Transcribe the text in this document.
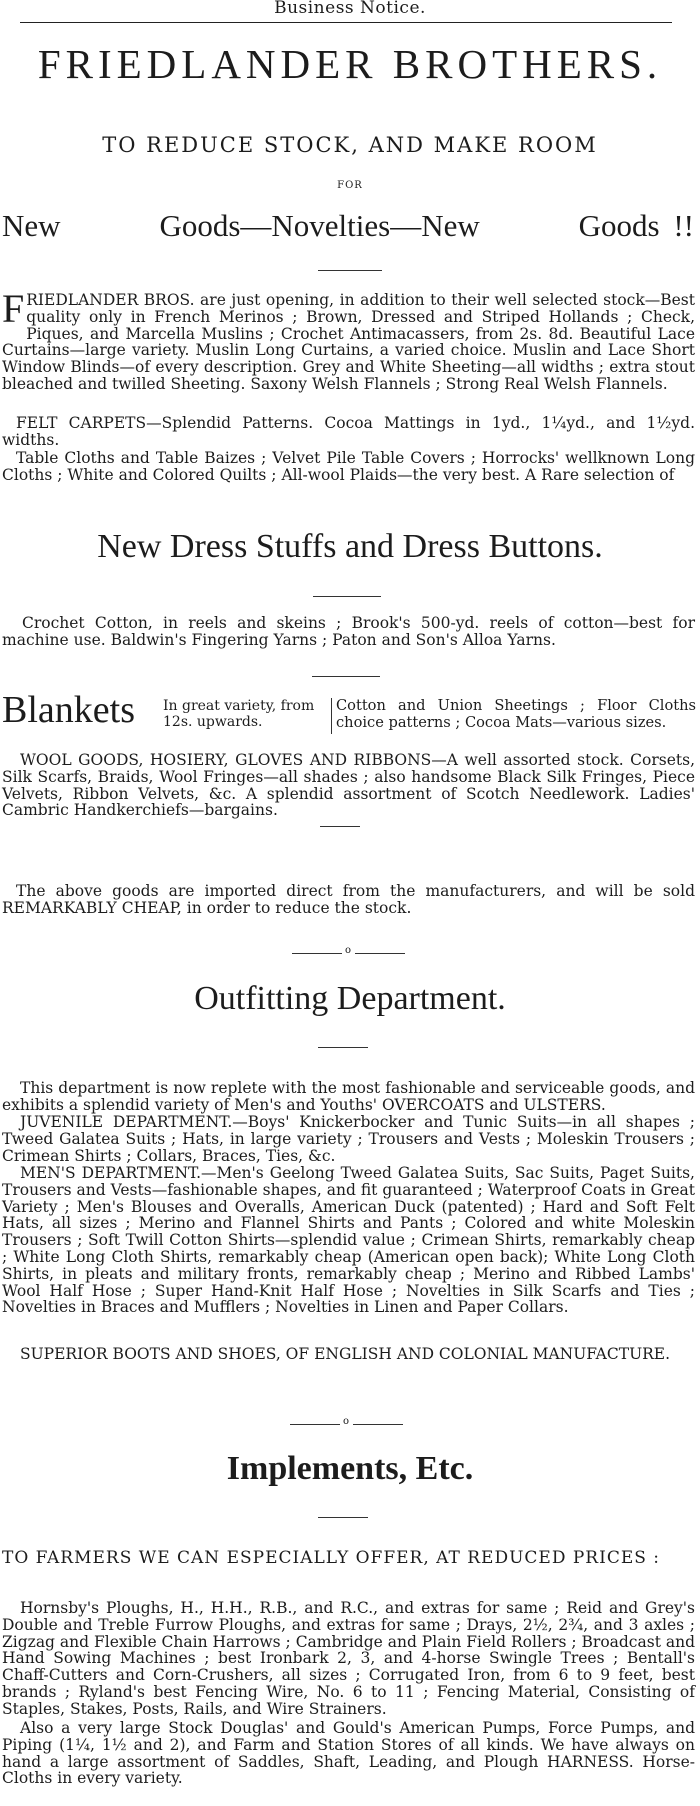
Business Notice.
FRIEDLANDER BROTHERS.
TO REDUCE STOCK, AND MAKE ROOM
FOR
New	Goods—Novelties—New	Goods !!
FRIEDLANDER BROS. are just opening, in addition to their well selected stock—Best quality only in French Merinos ; Brown, Dressed and Striped Hollands ; Check, Piques, and Marcella Muslins ; Crochet Antimacassers, from 2s. 8d. Beautiful Lace Curtains—large variety. Muslin Long Curtains, a varied choice. Muslin and Lace Short Window Blinds—of every description. Grey and White Sheeting—all widths ; extra stout bleached and twilled Sheeting. Saxony Welsh Flannels ; Strong Real Welsh Flannels.
FELT CARPETS—Splendid Patterns. Cocoa Mattings in 1yd., 1¼yd., and 1½yd. widths.
Table Cloths and Table Baizes ; Velvet Pile Table Covers ; Horrocks' wellknown Long Cloths ; White and Colored Quilts ; All-wool Plaids—the very best. A Rare selection of
New Dress Stuffs and Dress Buttons.
Crochet Cotton, in reels and skeins ; Brook's 500-yd. reels of cotton—best for machine use. Baldwin's Fingering Yarns ; Paton and Son's Alloa Yarns.
Blankets In great variety, from 12s. upwards.
Cotton and Union Sheetings ; Floor Cloths choice patterns ; Cocoa Mats—various sizes.
WOOL GOODS, HOSIERY, GLOVES AND RIBBONS—A well assorted stock. Corsets, Silk Scarfs, Braids, Wool Fringes—all shades ; also handsome Black Silk Fringes, Piece Velvets, Ribbon Velvets, &c. A splendid assortment of Scotch Needlework. Ladies' Cambric Handkerchiefs—bargains.
The above goods are imported direct from the manufacturers, and will be sold REMARKABLY CHEAP, in order to reduce the stock.
o
Outfitting Department.
This department is now replete with the most fashionable and serviceable goods, and exhibits a splendid variety of Men's and Youths' OVERCOATS and ULSTERS.
JUVENILE DEPARTMENT.—Boys' Knickerbocker and Tunic Suits—in all shapes ; Tweed Galatea Suits ; Hats, in large variety ; Trousers and Vests ; Moleskin Trousers ; Crimean Shirts ; Collars, Braces, Ties, &c.
MEN'S DEPARTMENT.—Men's Geelong Tweed Galatea Suits, Sac Suits, Paget Suits, Trousers and Vests—fashionable shapes, and fit guaranteed ; Waterproof Coats in Great Variety ; Men's Blouses and Overalls, American Duck (patented) ; Hard and Soft Felt Hats, all sizes ; Merino and Flannel Shirts and Pants ; Colored and white Moleskin Trousers ; Soft Twill Cotton Shirts—splendid value ; Crimean Shirts, remarkably cheap ; White Long Cloth Shirts, remarkably cheap (American open back); White Long Cloth Shirts, in pleats and military fronts, remarkably cheap ; Merino and Ribbed Lambs' Wool Half Hose ; Super Hand-Knit Half Hose ; Novelties in Silk Scarfs and Ties ; Novelties in Braces and Mufflers ; Novelties in Linen and Paper Collars.
SUPERIOR BOOTS AND SHOES, OF ENGLISH AND COLONIAL MANUFACTURE.
o
Implements, Etc.
TO FARMERS WE CAN ESPECIALLY OFFER, AT REDUCED PRICES :
Hornsby's Ploughs, H., H.H., R.B., and R.C., and extras for same ; Reid and Grey's Double and Treble Furrow Ploughs, and extras for same ; Drays, 2½, 2¾, and 3 axles ; Zigzag and Flexible Chain Harrows ; Cambridge and Plain Field Rollers ; Broadcast and Hand Sowing Machines ; best Ironbark 2, 3, and 4-horse Swingle Trees ; Bentall's Chaff-Cutters and Corn-Crushers, all sizes ; Corrugated Iron, from 6 to 9 feet, best brands ; Ryland's best Fencing Wire, No. 6 to 11 ; Fencing Material, Consisting of Staples, Stakes, Posts, Rails, and Wire Strainers.
Also a very large Stock Douglas' and Gould's American Pumps, Force Pumps, and Piping (1¼, 1½ and 2), and Farm and Station Stores of all kinds. We have always on hand a large assortment of Saddles, Shaft, Leading, and Plough HARNESS. Horse-Cloths in every variety.
